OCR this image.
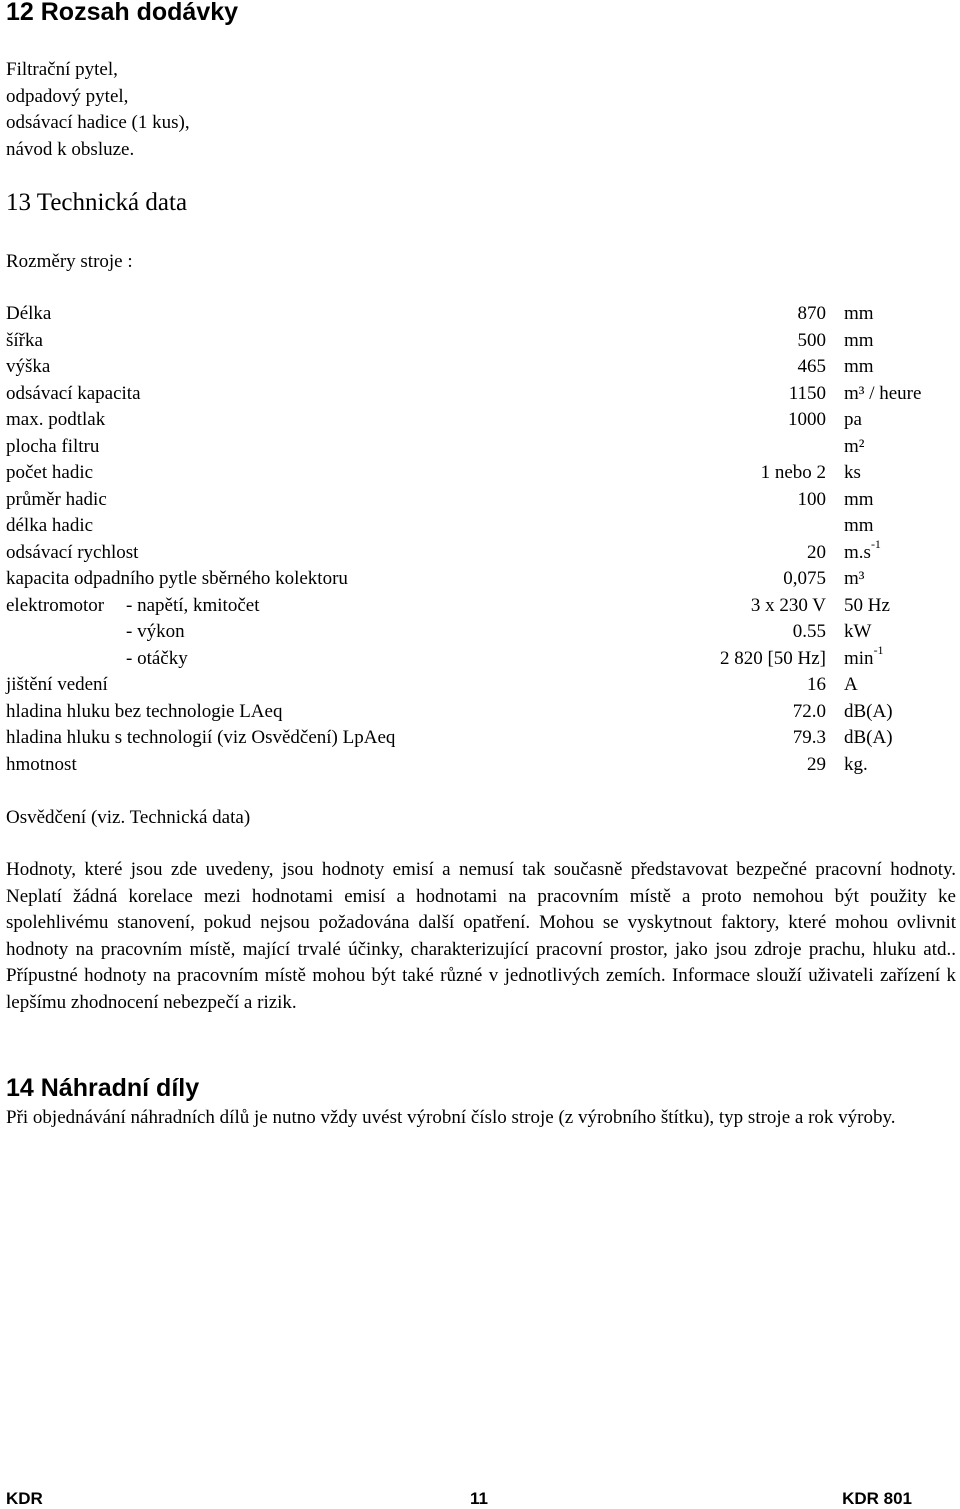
12 Rozsah dodávky
Filtrační pytel,
odpadový pytel,
odsávací hadice (1 kus),
návod k obsluze.
13 Technická data
Rozměry stroje :
Délka	870 mm
šířka	500 mm
výška	465 mm
odsávací kapacita	1150 m³ / heure
max. podtlak	1000 pa
plocha filtru	m²
počet hadic	1 nebo 2 ks
průměr hadic	100 mm
délka hadic	mm
odsávací rychlost	20 $m.s^{-1}$
kapacita odpadního pytle sběrného kolektoru	0,075 m³
elektromotor - napětí, kmitočet	3 x 230 V 50 Hz
- výkon	0.55 kW
- otáčky	2 820 [50 Hz] $\min^{-1}$
jištění vedení	16 A
hladina hluku bez technologie LAeq	72.0 dB(A)
hladina hluku s technologií (viz Osvědčení) LpAeq	79.3 dB(A)
hmotnost	29 kg.
Osvědčení (viz. Technická data)

Hodnoty, které jsou zde uvedeny, jsou hodnoty emisí a nemusí tak současně představovat bezpečné pracovní hodnoty. Neplatí žádná korelace mezi hodnotami emisí a hodnotami na pracovním místě a proto nemohou být použity ke spolehlivému stanovení, pokud nejsou požadována další opatření. Mohou se vyskytnout faktory, které mohou ovlivnit hodnoty na pracovním místě, mající trvalé účinky, charakterizující pracovní prostor, jako jsou zdroje prachu, hluku atd.. Přípustné hodnoty na pracovním místě mohou být také různé v jednotlivých zemích. Informace slouží uživateli zařízení k lepšímu zhodnocení nebezpečí a rizik.

14 Náhradní díly

Při objednávání náhradních dílů je nutno vždy uvést výrobní číslo stroje (z výrobního štítku), typ stroje a rok výroby.

KDR	11	KDR 801
